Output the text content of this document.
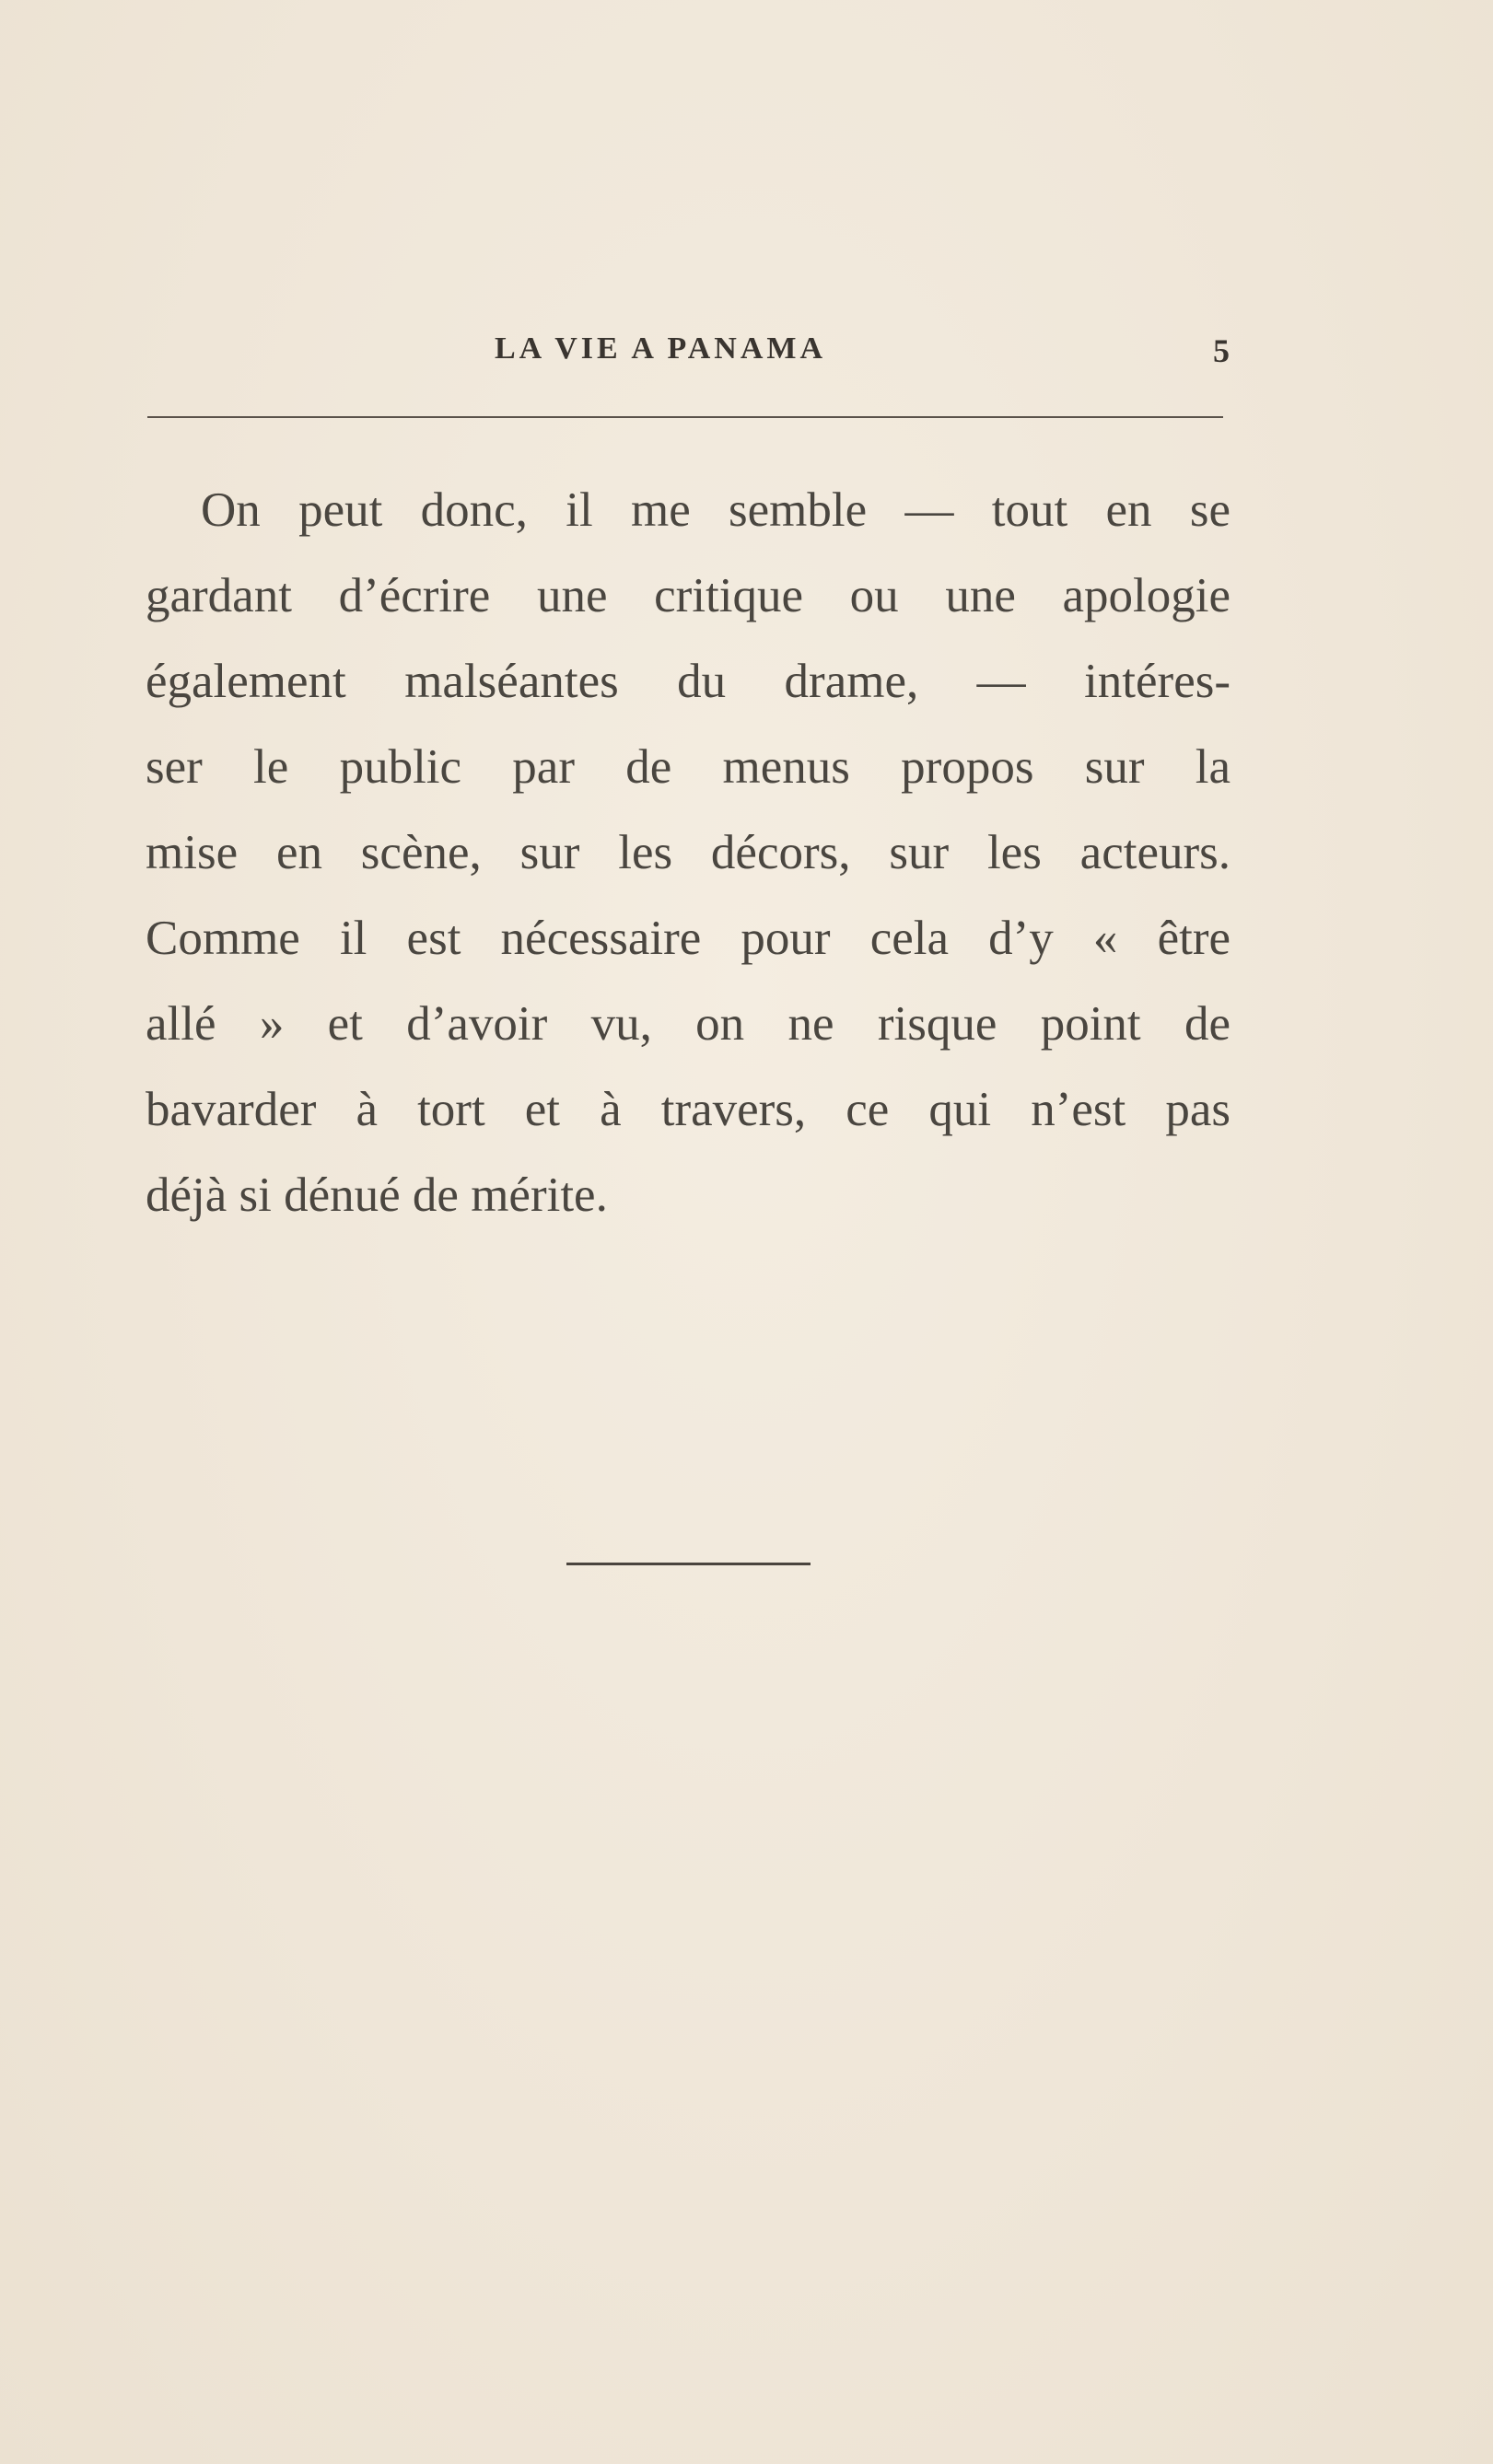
LA VIE A PANAMA	5
On peut donc, il me semble — tout en se
gardant d’écrire une critique ou une apologie
également malséantes du drame, — intéres-
ser le public par de menus propos sur la
mise en scène, sur les décors, sur les acteurs.
Comme il est nécessaire pour cela d’y « être
allé » et d’avoir vu, on ne risque point de
bavarder à tort et à travers, ce qui n’est pas
déjà si dénué de mérite.
